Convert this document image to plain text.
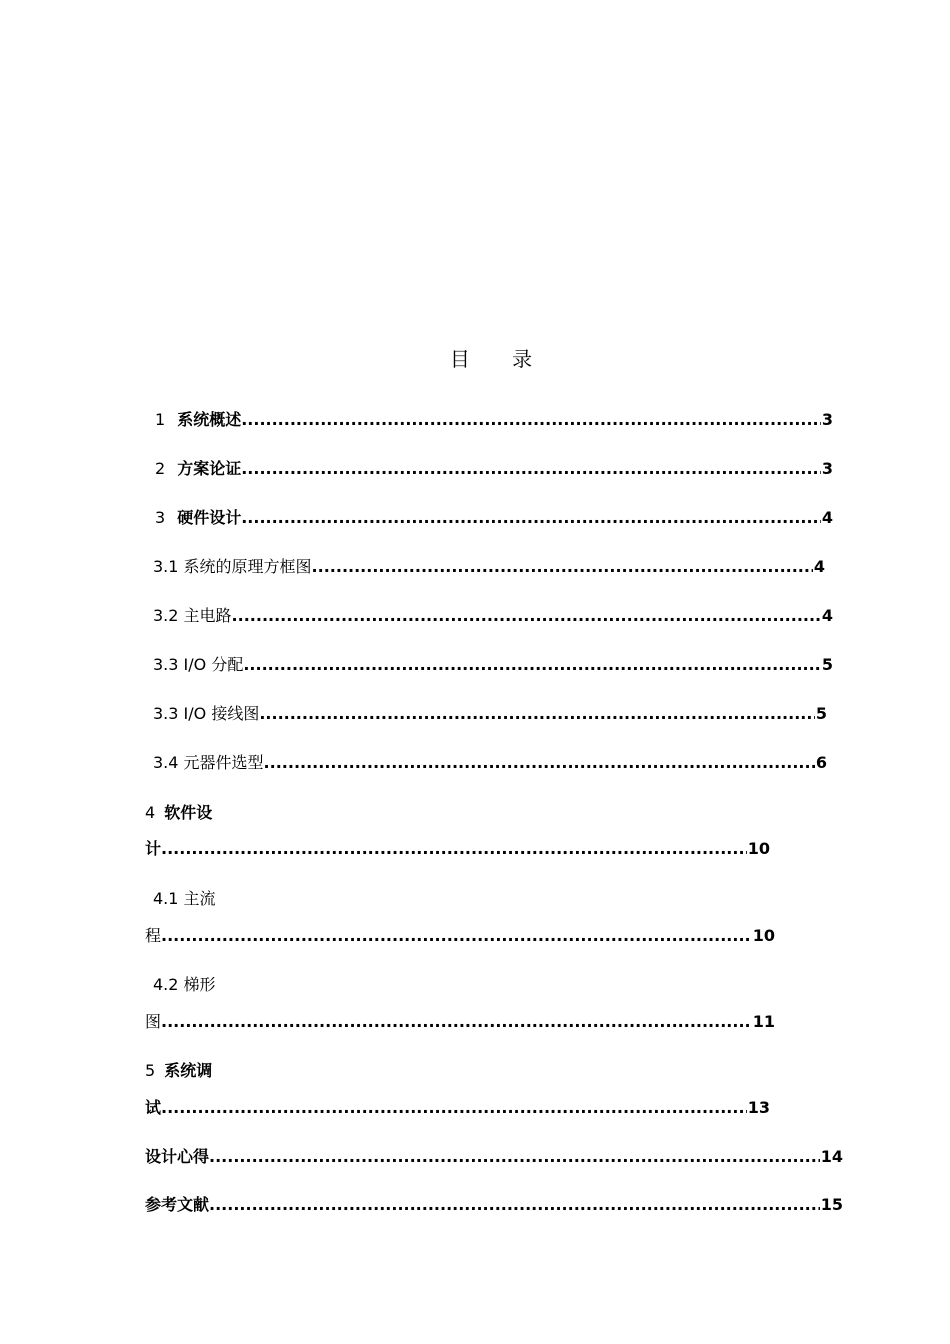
目 录
1 系统概述 .....	3
2 方案论证 .....	3
3 硬件设计 .....	4
3.1 系统的原理方框图 .....	4
3.2 主电路 .....	4
3.3 I/O 分配 .....	5
3.3 I/O 接线图 .....	5
3.4 元器件选型 .....	6
4 软件设
计 .....	10
4.1 主流
程 .....	10
4.2 梯形
图 .....	11
5 系统调
试 .....	13
设计心得 .....	14
参考文献 .....	15
